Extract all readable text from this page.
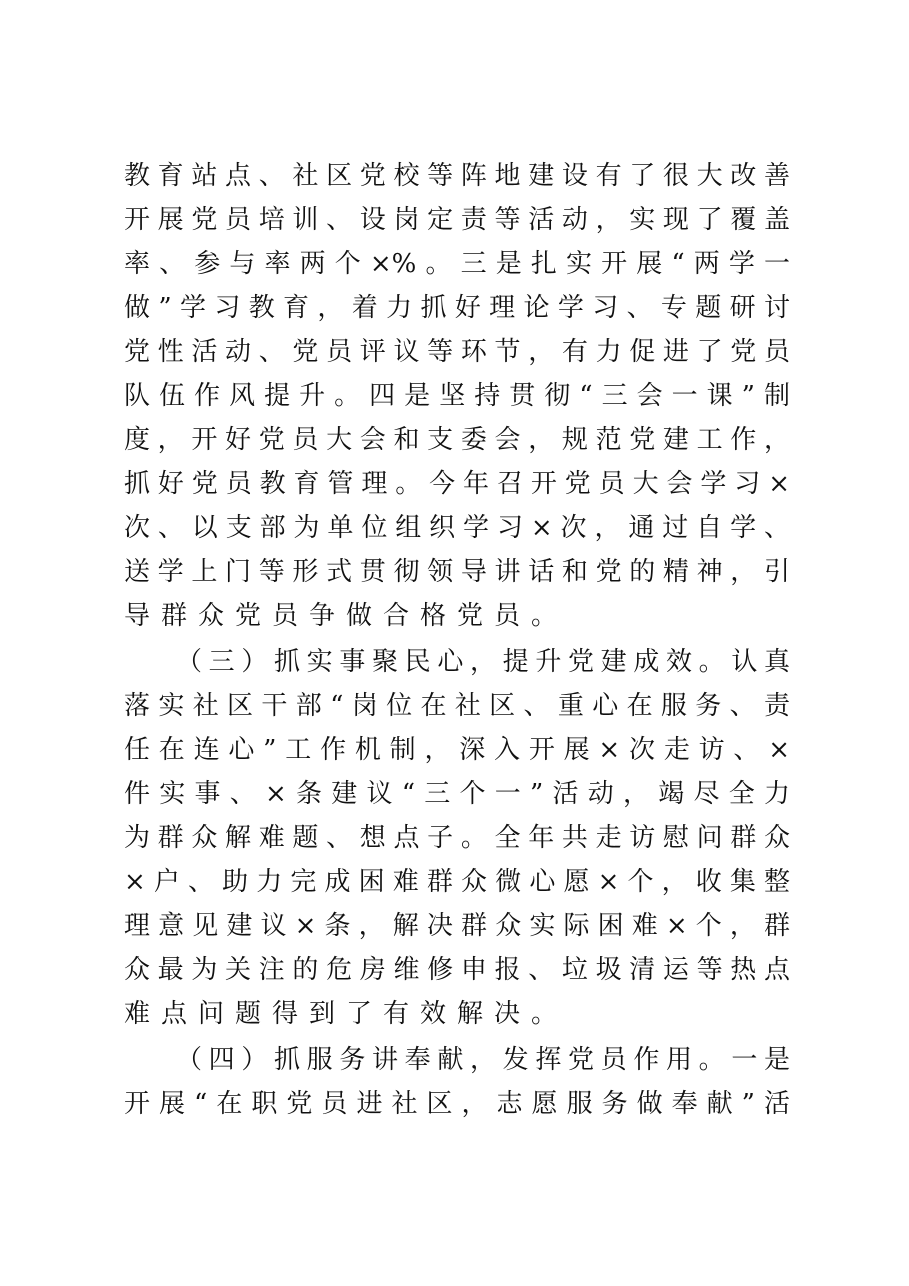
教育站点、社区党校等阵地建设有了很大改善
开展党员培训、设岗定责等活动，实现了覆盖
率、参与率两个×%。三是扎实开展“两学一
做”学习教育，着力抓好理论学习、专题研讨
党性活动、党员评议等环节，有力促进了党员
队伍作风提升。四是坚持贯彻“三会一课”制
度，开好党员大会和支委会，规范党建工作，
抓好党员教育管理。今年召开党员大会学习×
次、以支部为单位组织学习×次，通过自学、
送学上门等形式贯彻领导讲话和党的精神，引
导群众党员争做合格党员。
（三）抓实事聚民心，提升党建成效。认真
落实社区干部“岗位在社区、重心在服务、责
任在连心”工作机制，深入开展×次走访、×
件实事、×条建议“三个一”活动，竭尽全力
为群众解难题、想点子。全年共走访慰问群众
×户、助力完成困难群众微心愿×个，收集整
理意见建议×条，解决群众实际困难×个，群
众最为关注的危房维修申报、垃圾清运等热点
难点问题得到了有效解决。
（四）抓服务讲奉献，发挥党员作用。一是
开展“在职党员进社区，志愿服务做奉献”活
